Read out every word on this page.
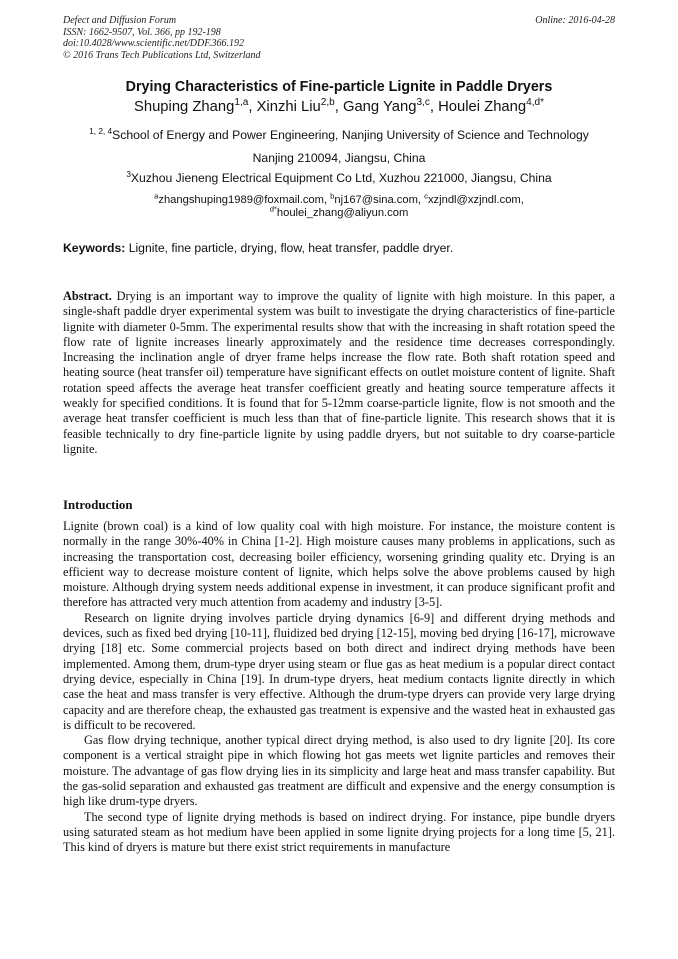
Defect and Diffusion Forum
ISSN: 1662-9507, Vol. 366, pp 192-198
doi:10.4028/www.scientific.net/DDF.366.192
© 2016 Trans Tech Publications Ltd, Switzerland
Online: 2016-04-28
Drying Characteristics of Fine-particle Lignite in Paddle Dryers
Shuping Zhang$^{1,a}$, Xinzhi Liu$^{2,b}$, Gang Yang$^{3,c}$, Houlei Zhang$^{4,d*}$
$^{1, 2, 4}$School of Energy and Power Engineering, Nanjing University of Science and Technology
Nanjing 210094, Jiangsu, China
$^3$Xuzhou Jieneng Electrical Equipment Co Ltd, Xuzhou 221000, Jiangsu, China
$^a$zhangshuping1989@foxmail.com, $^b$nj167@sina.com, $^c$xzjndl@xzjndl.com,
$^{d*}$houlei_zhang@aliyun.com
Keywords: Lignite, fine particle, drying, flow, heat transfer, paddle dryer.

Abstract. Drying is an important way to improve the quality of lignite with high moisture. In this paper, a single-shaft paddle dryer experimental system was built to investigate the drying characteristics of fine-particle lignite with diameter 0-5mm. The experimental results show that with the increasing in shaft rotation speed the flow rate of lignite increases linearly approximately and the residence time decreases correspondingly. Increasing the inclination angle of dryer frame helps increase the flow rate. Both shaft rotation speed and heating source (heat transfer oil) temperature have significant effects on outlet moisture content of lignite. Shaft rotation speed affects the average heat transfer coefficient greatly and heating source temperature affects it weakly for specified conditions. It is found that for 5-12mm coarse-particle lignite, flow is not smooth and the average heat transfer coefficient is much less than that of fine-particle lignite. This research shows that it is feasible technically to dry fine-particle lignite by using paddle dryers, but not suitable to dry coarse-particle lignite.

Introduction

Lignite (brown coal) is a kind of low quality coal with high moisture. For instance, the moisture content is normally in the range 30%-40% in China [1-2]. High moisture causes many problems in applications, such as increasing the transportation cost, decreasing boiler efficiency, worsening grinding quality etc. Drying is an efficient way to decrease moisture content of lignite, which helps solve the above problems caused by high moisture. Although drying system needs additional expense in investment, it can produce significant profit and therefore has attracted very much attention from academy and industry [3-5].

Research on lignite drying involves particle drying dynamics [6-9] and different drying methods and devices, such as fixed bed drying [10-11], fluidized bed drying [12-15], moving bed drying [16-17], microwave drying [18] etc. Some commercial projects based on both direct and indirect drying methods have been implemented. Among them, drum-type dryer using steam or flue gas as heat medium is a popular direct contact drying device, especially in China [19]. In drum-type dryers, heat medium contacts lignite directly in which case the heat and mass transfer is very effective. Although the drum-type dryers can provide very large drying capacity and are therefore cheap, the exhausted gas treatment is expensive and the wasted heat in exhausted gas is difficult to be recovered.

Gas flow drying technique, another typical direct drying method, is also used to dry lignite [20]. Its core component is a vertical straight pipe in which flowing hot gas meets wet lignite particles and removes their moisture. The advantage of gas flow drying lies in its simplicity and large heat and mass transfer capability. But the gas-solid separation and exhausted gas treatment are difficult and expensive and the energy consumption is high like drum-type dryers.

The second type of lignite drying methods is based on indirect drying. For instance, pipe bundle dryers using saturated steam as hot medium have been applied in some lignite drying projects for a long time [5, 21]. This kind of dryers is mature but there exist strict requirements in manufacture
